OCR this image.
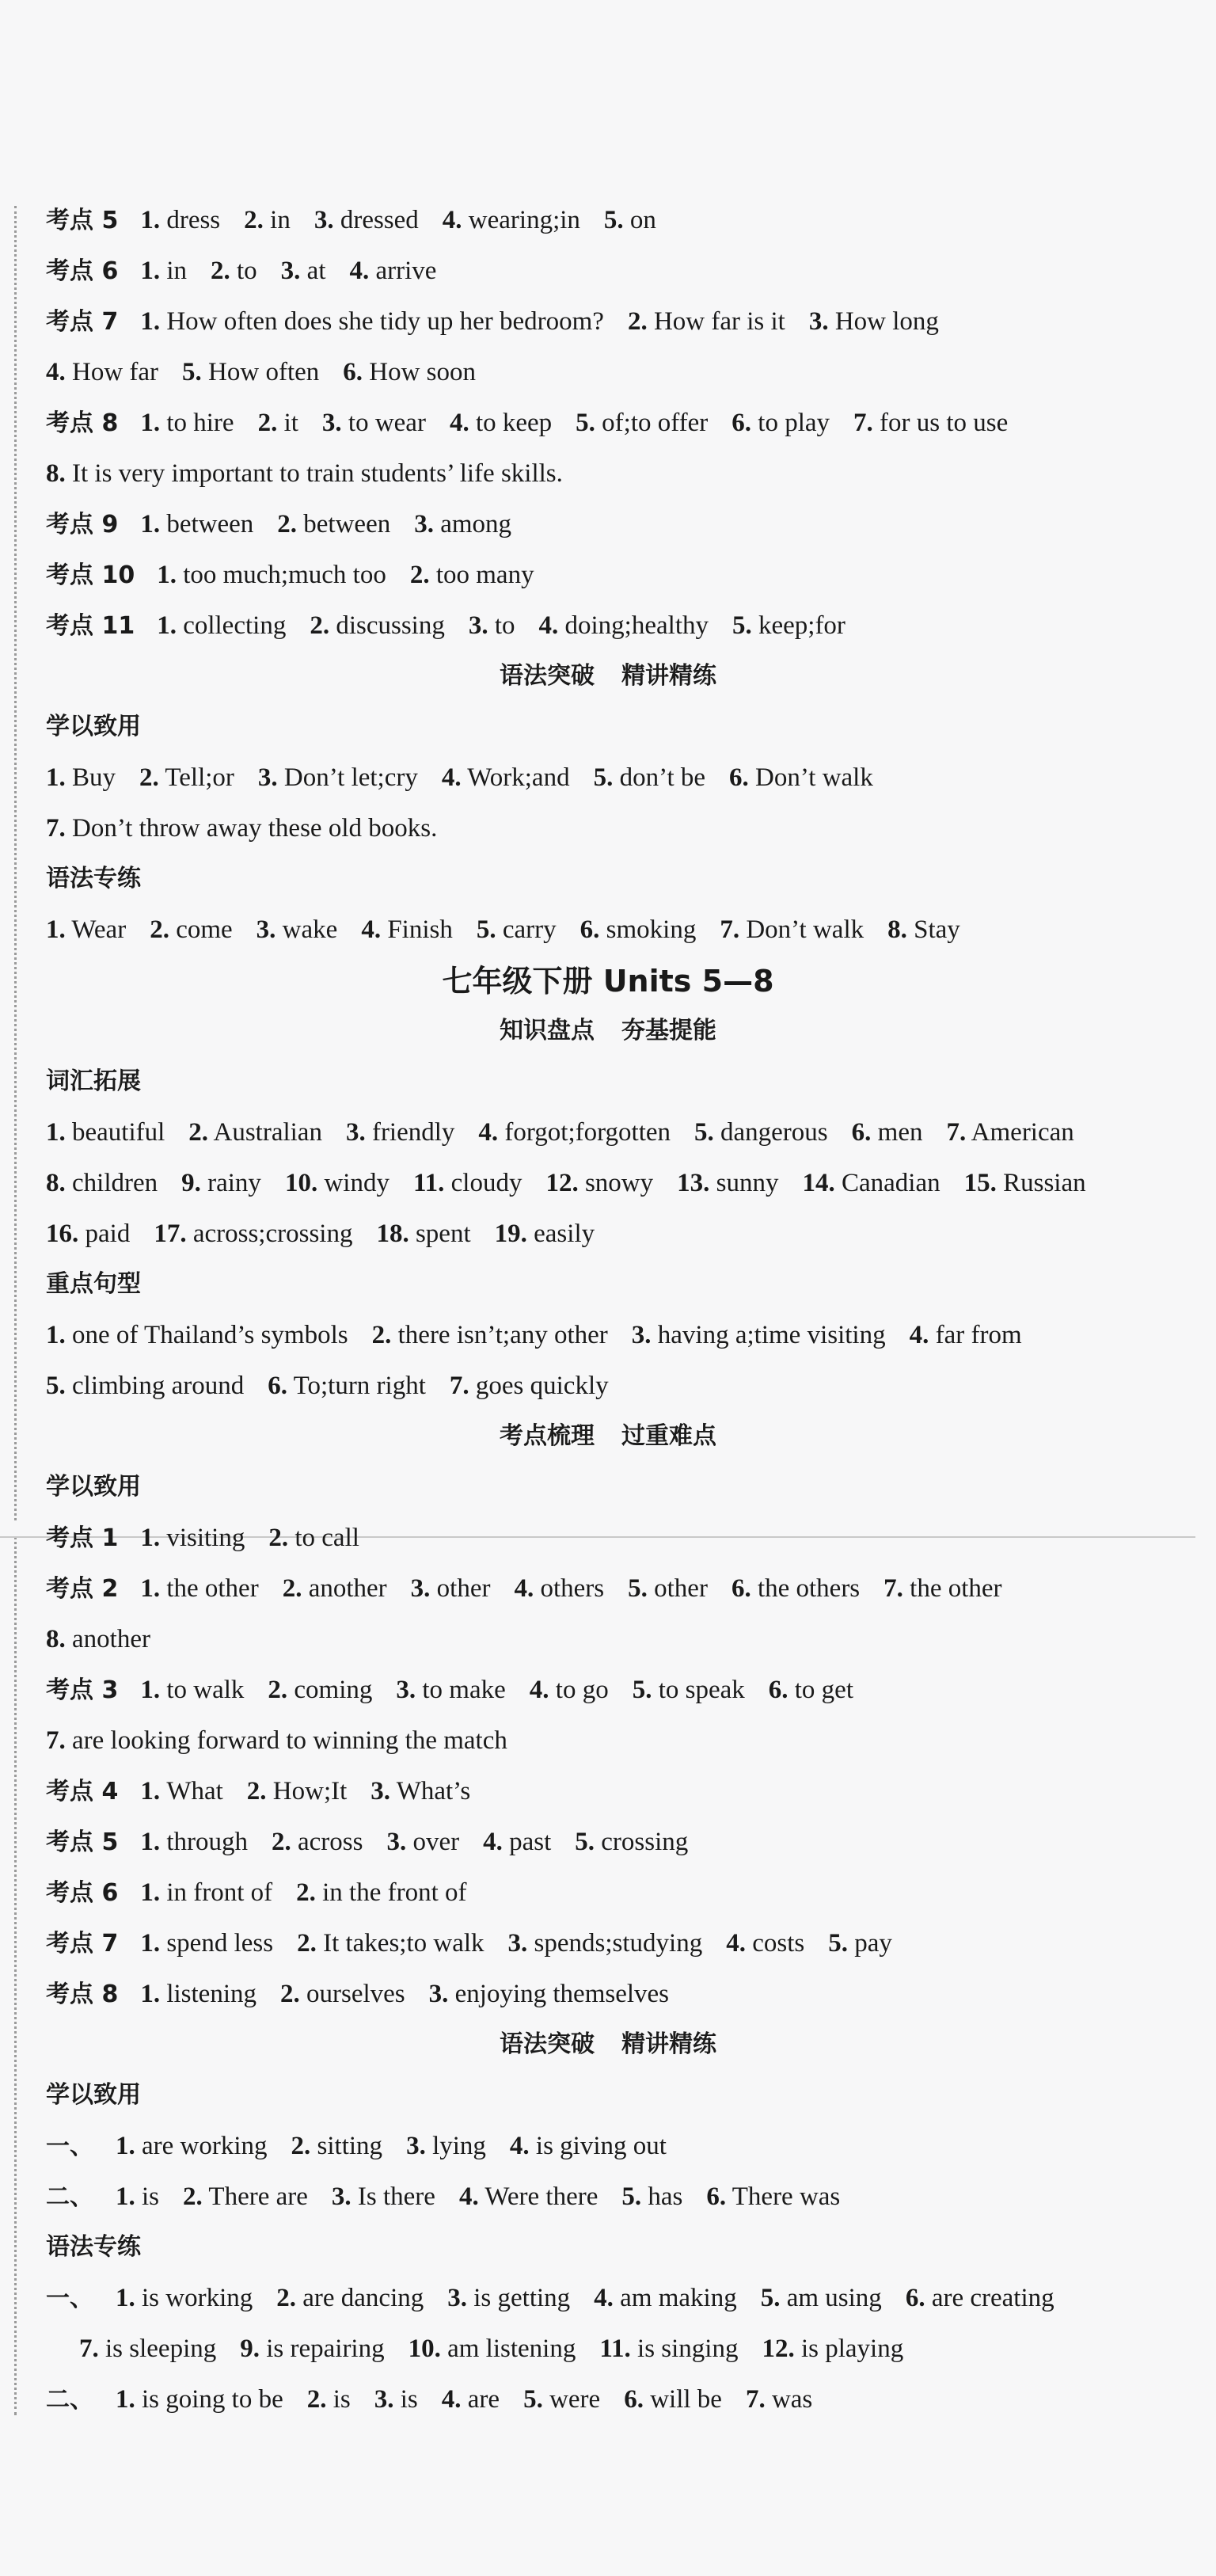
考点 5 1. dress 2. in 3. dressed 4. wearing;in 5. on
考点 6 1. in 2. to 3. at 4. arrive
考点 7 1. How often does she tidy up her bedroom? 2. How far is it 3. How long
4. How far 5. How often 6. How soon
考点 8 1. to hire 2. it 3. to wear 4. to keep 5. of;to offer 6. to play 7. for us to use
8. It is very important to train students’ life skills.
考点 9 1. between 2. between 3. among
考点 10 1. too much;much too 2. too many
考点 11 1. collecting 2. discussing 3. to 4. doing;healthy 5. keep;for
语法突破 精讲精练
学以致用
1. Buy 2. Tell;or 3. Don’t let;cry 4. Work;and 5. don’t be 6. Don’t walk
7. Don’t throw away these old books.
语法专练
1. Wear 2. come 3. wake 4. Finish 5. carry 6. smoking 7. Don’t walk 8. Stay
七年级下册 Units 5—8
知识盘点 夯基提能
词汇拓展
1. beautiful 2. Australian 3. friendly 4. forgot;forgotten 5. dangerous 6. men 7. American
8. children 9. rainy 10. windy 11. cloudy 12. snowy 13. sunny 14. Canadian 15. Russian
16. paid 17. across;crossing 18. spent 19. easily
重点句型
1. one of Thailand’s symbols 2. there isn’t;any other 3. having a;time visiting 4. far from
5. climbing around 6. To;turn right 7. goes quickly
考点梳理 过重难点
学以致用
考点 1 1. visiting 2. to call
考点 2 1. the other 2. another 3. other 4. others 5. other 6. the others 7. the other
8. another
考点 3 1. to walk 2. coming 3. to make 4. to go 5. to speak 6. to get
7. are looking forward to winning the match
考点 4 1. What 2. How;It 3. What’s
考点 5 1. through 2. across 3. over 4. past 5. crossing
考点 6 1. in front of 2. in the front of
考点 7 1. spend less 2. It takes;to walk 3. spends;studying 4. costs 5. pay
考点 8 1. listening 2. ourselves 3. enjoying themselves
语法突破 精讲精练
学以致用
一、 1. are working 2. sitting 3. lying 4. is giving out
二、 1. is 2. There are 3. Is there 4. Were there 5. has 6. There was
语法专练
一、 1. is working 2. are dancing 3. is getting 4. am making 5. am using 6. are creating
7. is sleeping 9. is repairing 10. am listening 11. is singing 12. is playing
二、 1. is going to be 2. is 3. is 4. are 5. were 6. will be 7. was
